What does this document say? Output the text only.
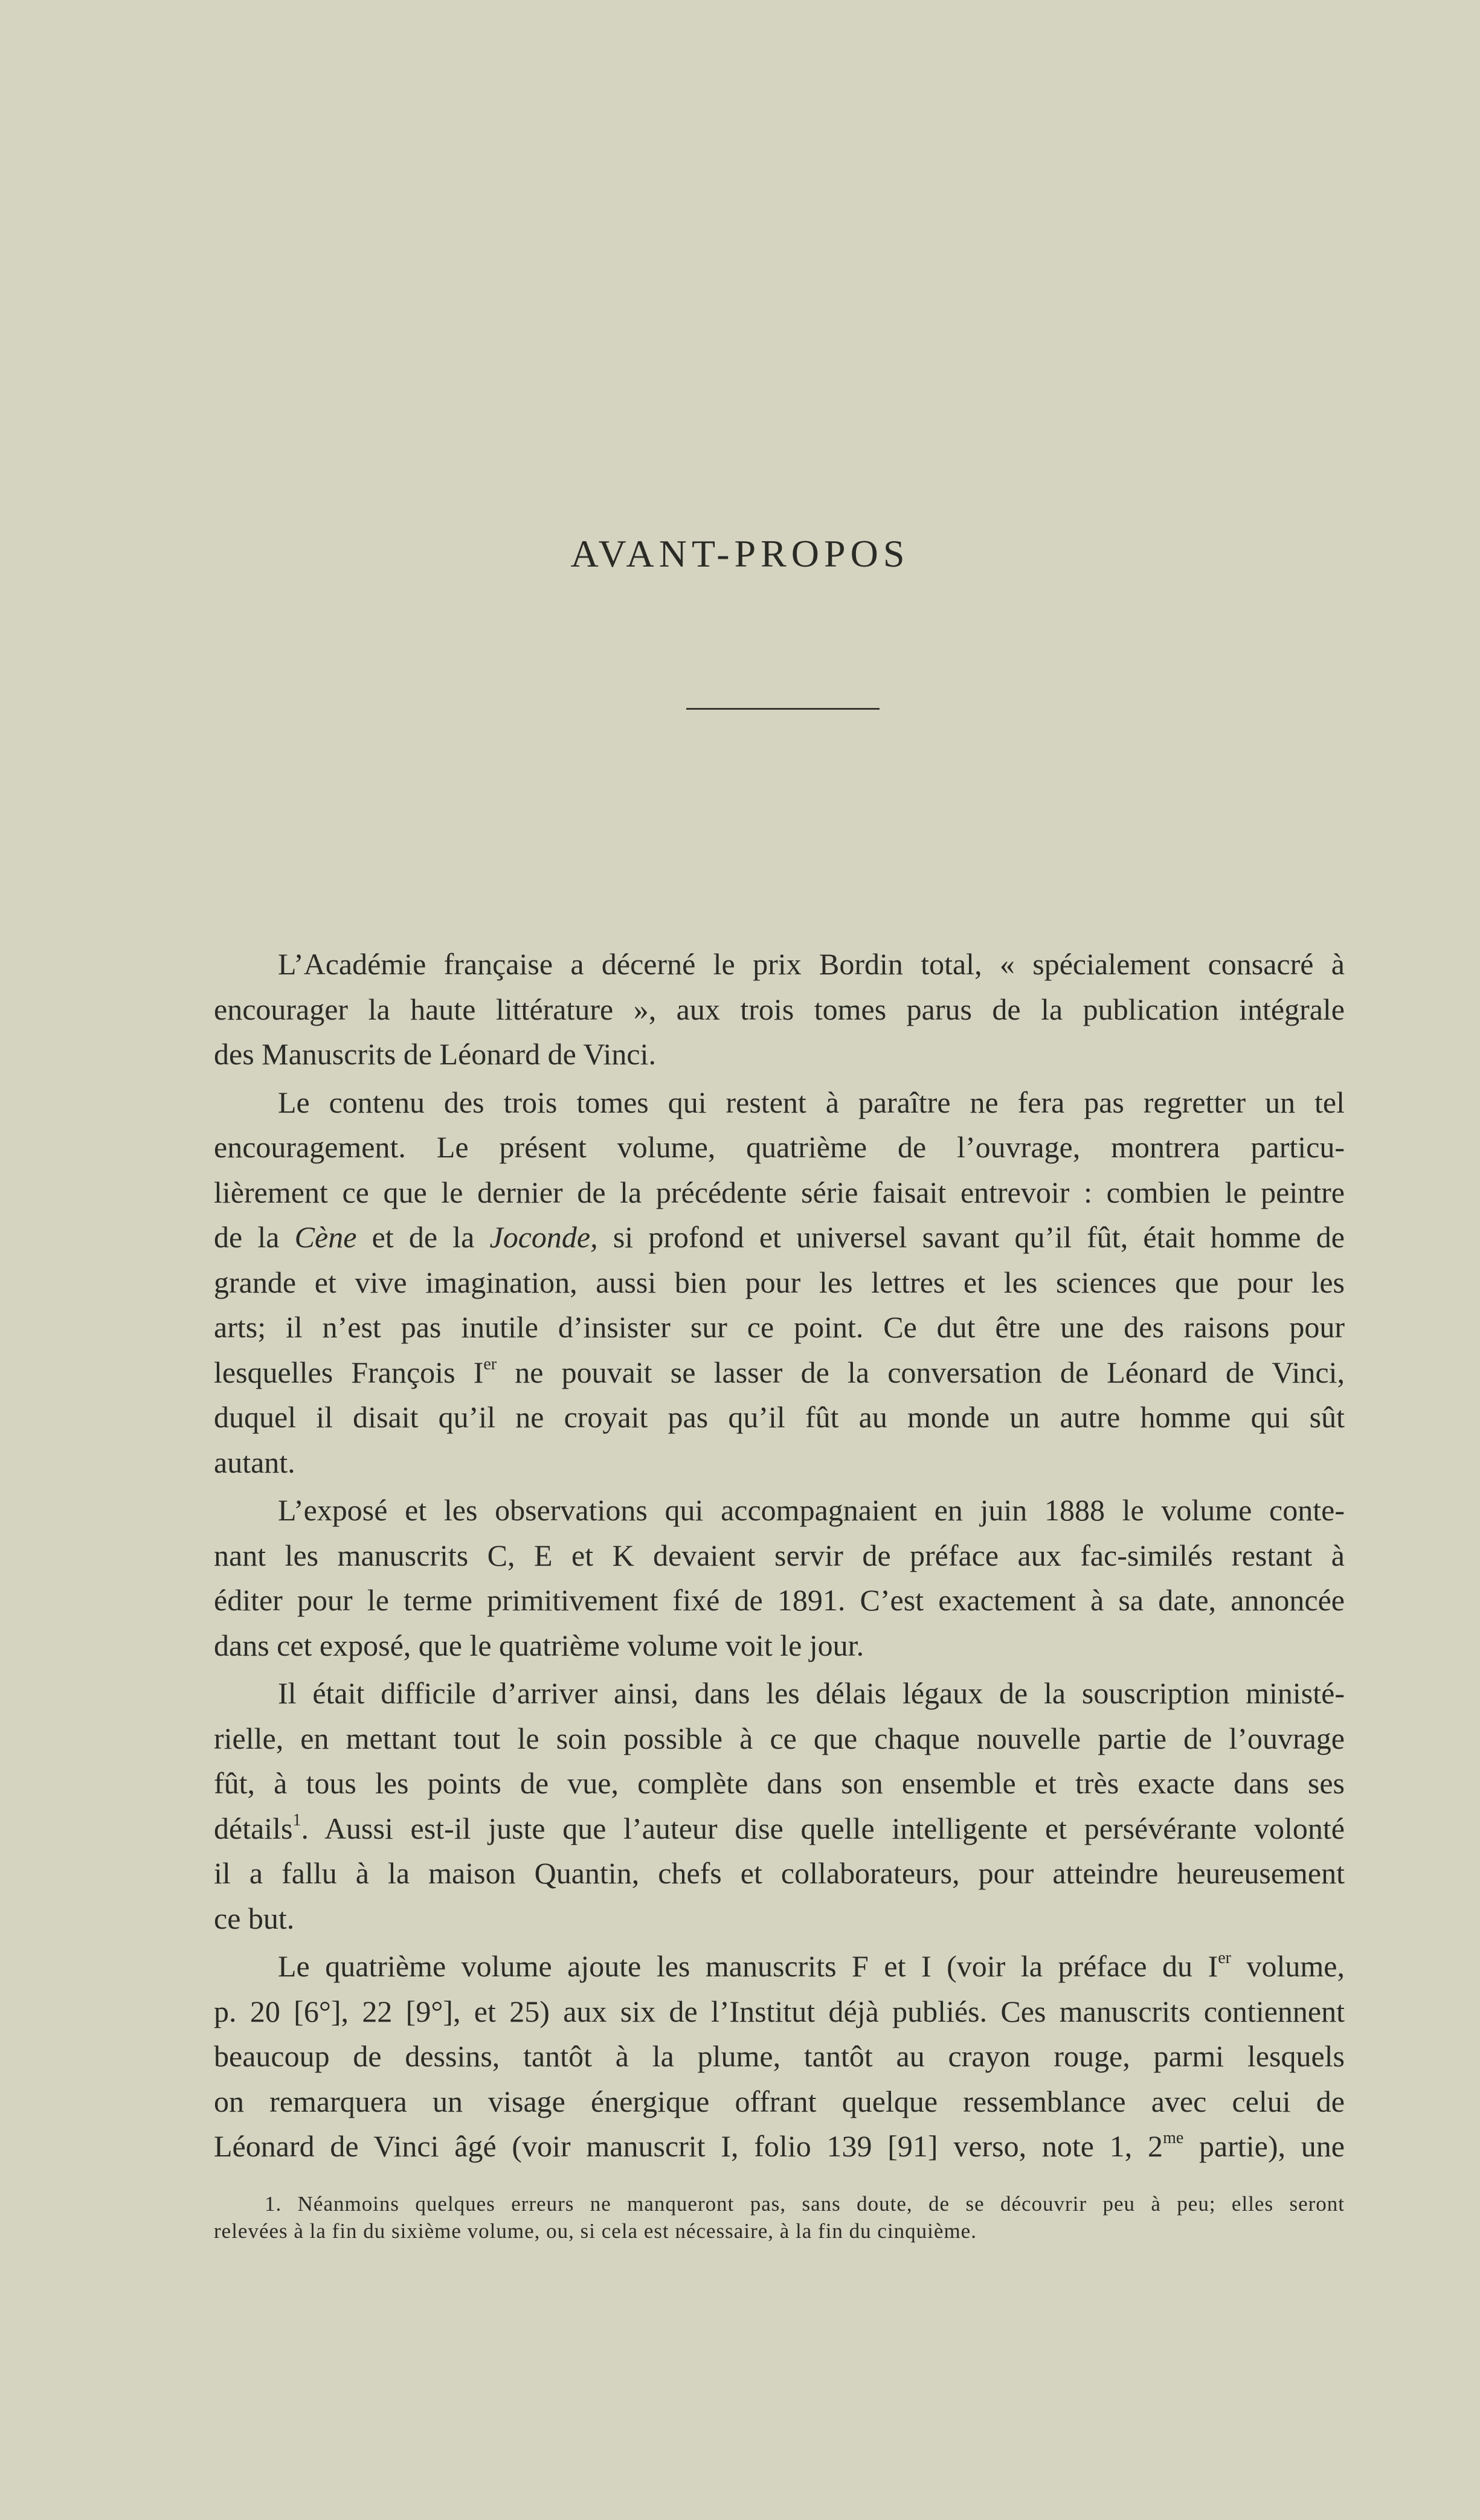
AVANT-PROPOS
L’Académie française a décerné le prix Bordin total, « spécialement consacré à
encourager la haute littérature », aux trois tomes parus de la publication intégrale
des Manuscrits de Léonard de Vinci.
Le contenu des trois tomes qui restent à paraître ne fera pas regretter un tel
encouragement. Le présent volume, quatrième de l’ouvrage, montrera particu-
lièrement ce que le dernier de la précédente série faisait entrevoir : combien le peintre
de la Cène et de la Joconde, si profond et universel savant qu’il fût, était homme de
grande et vive imagination, aussi bien pour les lettres et les sciences que pour les
arts; il n’est pas inutile d’insister sur ce point. Ce dut être une des raisons pour
lesquelles François Ier ne pouvait se lasser de la conversation de Léonard de Vinci,
duquel il disait qu’il ne croyait pas qu’il fût au monde un autre homme qui sût
autant.
L’exposé et les observations qui accompagnaient en juin 1888 le volume conte-
nant les manuscrits C, E et K devaient servir de préface aux fac-similés restant à
éditer pour le terme primitivement fixé de 1891. C’est exactement à sa date, annoncée
dans cet exposé, que le quatrième volume voit le jour.
Il était difficile d’arriver ainsi, dans les délais légaux de la souscription ministé-
rielle, en mettant tout le soin possible à ce que chaque nouvelle partie de l’ouvrage
fût, à tous les points de vue, complète dans son ensemble et très exacte dans ses
détails$^1$. Aussi est-il juste que l’auteur dise quelle intelligente et persévérante volonté
il a fallu à la maison Quantin, chefs et collaborateurs, pour atteindre heureusement
ce but.
Le quatrième volume ajoute les manuscrits F et I (voir la préface du Ier volume,
p. 20 [6°], 22 [9°], et 25) aux six de l’Institut déjà publiés. Ces manuscrits contiennent
beaucoup de dessins, tantôt à la plume, tantôt au crayon rouge, parmi lesquels
on remarquera un visage énergique offrant quelque ressemblance avec celui de
Léonard de Vinci âgé (voir manuscrit I, folio 139 [91] verso, note 1, $2^{me}$ partie), une
1. Néanmoins quelques erreurs ne manqueront pas, sans doute, de se découvrir peu à peu; elles seront
relevées à la fin du sixième volume, ou, si cela est nécessaire, à la fin du cinquième.
